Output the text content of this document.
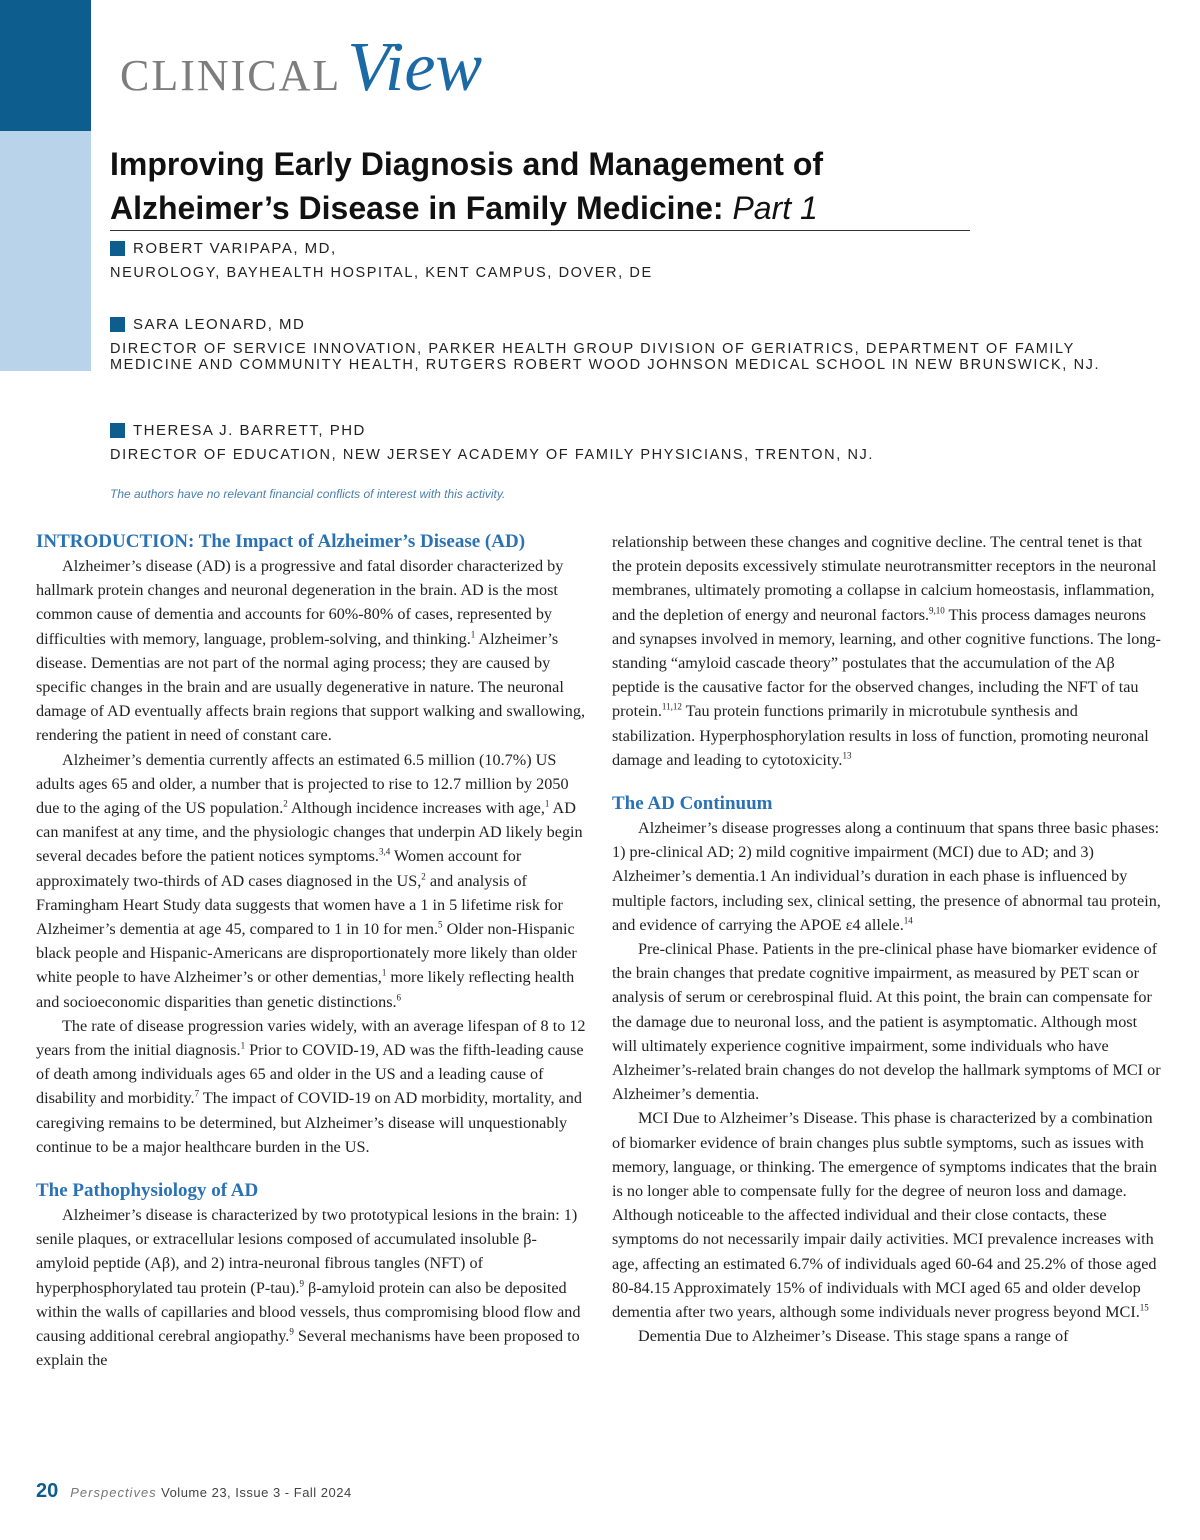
CLINICALView
Improving Early Diagnosis and Management of
Alzheimer’s Disease in Family Medicine: Part 1
ROBERT VARIPAPA, MD,
NEUROLOGY, BAYHEALTH HOSPITAL, KENT CAMPUS, DOVER, DE
SARA LEONARD, MD
DIRECTOR OF SERVICE INNOVATION, PARKER HEALTH GROUP DIVISION OF GERIATRICS, DEPARTMENT OF FAMILY MEDICINE AND COMMUNITY HEALTH, RUTGERS ROBERT WOOD JOHNSON MEDICAL SCHOOL IN NEW BRUNSWICK, NJ.
THERESA J. BARRETT, PHD
DIRECTOR OF EDUCATION, NEW JERSEY ACADEMY OF FAMILY PHYSICIANS, TRENTON, NJ.
The authors have no relevant financial conflicts of interest with this activity.
INTRODUCTION: The Impact of Alzheimer’s Disease (AD)

Alzheimer’s disease (AD) is a progressive and fatal disorder characterized by hallmark protein changes and neuronal degeneration in the brain. AD is the most common cause of dementia and accounts for 60%-80% of cases, represented by difficulties with memory, language, problem-solving, and thinking.$^1$ Alzheimer’s disease. Dementias are not part of the normal aging process; they are caused by specific changes in the brain and are usually degenerative in nature. The neuronal damage of AD eventually affects brain regions that support walking and swallowing, rendering the patient in need of constant care.

Alzheimer’s dementia currently affects an estimated 6.5 million (10.7%) US adults ages 65 and older, a number that is projected to rise to 12.7 million by 2050 due to the aging of the US population.$^2$ Although incidence increases with age,$^1$ AD can manifest at any time, and the physiologic changes that underpin AD likely begin several decades before the patient notices symptoms.$^{3,4}$ Women account for approximately two-thirds of AD cases diagnosed in the US,$^2$ and analysis of Framingham Heart Study data suggests that women have a 1 in 5 lifetime risk for Alzheimer’s dementia at age 45, compared to 1 in 10 for men.$^5$ Older non-Hispanic black people and Hispanic-Americans are disproportionately more likely than older white people to have Alzheimer’s or other dementias,$^1$ more likely reflecting health and socioeconomic disparities than genetic distinctions.$^6$

The rate of disease progression varies widely, with an average lifespan of 8 to 12 years from the initial diagnosis.$^1$ Prior to COVID-19, AD was the fifth-leading cause of death among individuals ages 65 and older in the US and a leading cause of disability and morbidity.$^7$ The impact of COVID-19 on AD morbidity, mortality, and caregiving remains to be determined, but Alzheimer’s disease will unquestionably continue to be a major healthcare burden in the US.

The Pathophysiology of AD

Alzheimer’s disease is characterized by two prototypical lesions in the brain: 1) senile plaques, or extracellular lesions composed of accumulated insoluble β-amyloid peptide (Aβ), and 2) intra-neuronal fibrous tangles (NFT) of hyperphosphorylated tau protein (P-tau).$^9$ β-amyloid protein can also be deposited within the walls of capillaries and blood vessels, thus compromising blood flow and causing additional cerebral angiopathy.$^9$ Several mechanisms have been proposed to explain the

relationship between these changes and cognitive decline. The central tenet is that the protein deposits excessively stimulate neurotransmitter receptors in the neuronal membranes, ultimately promoting a collapse in calcium homeostasis, inflammation, and the depletion of energy and neuronal factors.$^{9,10}$ This process damages neurons and synapses involved in memory, learning, and other cognitive functions. The long-standing “amyloid cascade theory” postulates that the accumulation of the Aβ peptide is the causative factor for the observed changes, including the NFT of tau protein.$^{11,12}$ Tau protein functions primarily in microtubule synthesis and stabilization. Hyperphosphorylation results in loss of function, promoting neuronal damage and leading to cytotoxicity.$^{13}$

The AD Continuum

Alzheimer’s disease progresses along a continuum that spans three basic phases: 1) pre-clinical AD; 2) mild cognitive impairment (MCI) due to AD; and 3) Alzheimer’s dementia.1 An individual’s duration in each phase is influenced by multiple factors, including sex, clinical setting, the presence of abnormal tau protein, and evidence of carrying the APOE ε4 allele.$^{14}$

Pre-clinical Phase. Patients in the pre-clinical phase have biomarker evidence of the brain changes that predate cognitive impairment, as measured by PET scan or analysis of serum or cerebrospinal fluid. At this point, the brain can compensate for the damage due to neuronal loss, and the patient is asymptomatic. Although most will ultimately experience cognitive impairment, some individuals who have Alzheimer’s-related brain changes do not develop the hallmark symptoms of MCI or Alzheimer’s dementia.

MCI Due to Alzheimer’s Disease. This phase is characterized by a combination of biomarker evidence of brain changes plus subtle symptoms, such as issues with memory, language, or thinking. The emergence of symptoms indicates that the brain is no longer able to compensate fully for the degree of neuron loss and damage. Although noticeable to the affected individual and their close contacts, these symptoms do not necessarily impair daily activities. MCI prevalence increases with age, affecting an estimated 6.7% of individuals aged 60-64 and 25.2% of those aged 80-84.15 Approximately 15% of individuals with MCI aged 65 and older develop dementia after two years, although some individuals never progress beyond MCI.$^{15}$

Dementia Due to Alzheimer’s Disease. This stage spans a range of

20 Perspectives Volume 23, Issue 3 - Fall 2024
